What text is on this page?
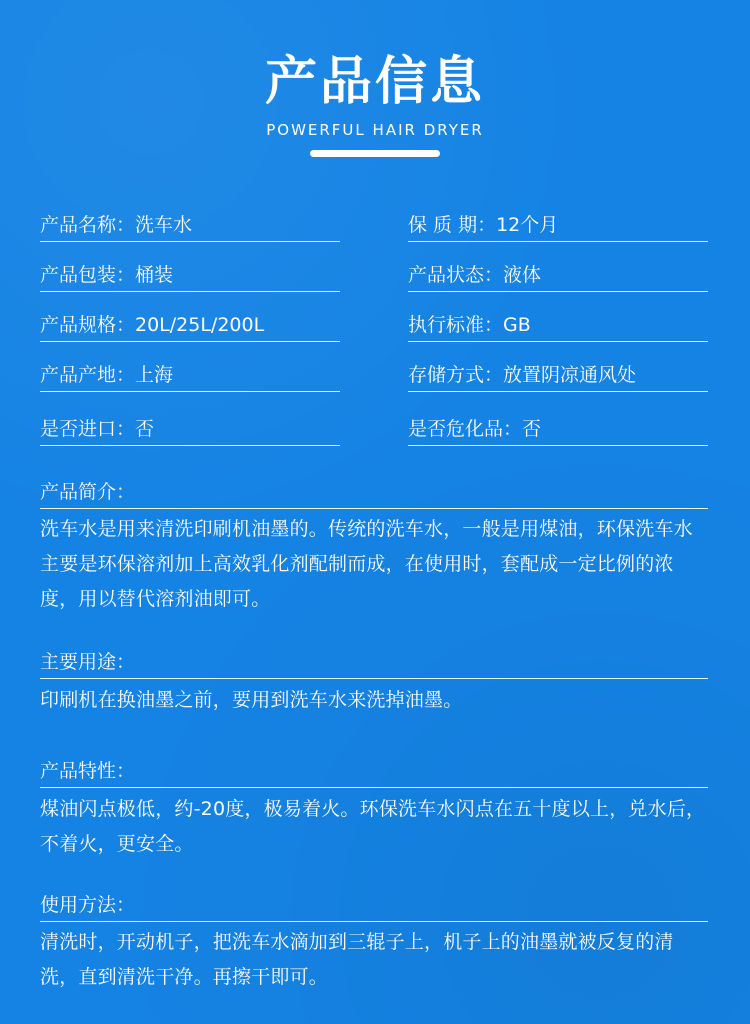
产品信息
POWERFUL HAIR DRYER
产品名称：洗车水	保 质 期：12个月
产品包装：桶装	产品状态：液体
产品规格：20L/25L/200L	执行标准：GB
产品产地：上海	存储方式：放置阴凉通风处
是否进口：否	是否危化品：否
产品简介：
洗车水是用来清洗印刷机油墨的。传统的洗车水，一般是用煤油，环保洗车水主要是环保溶剂加上高效乳化剂配制而成，在使用时，套配成一定比例的浓度，用以替代溶剂油即可。
主要用途：
印刷机在换油墨之前，要用到洗车水来洗掉油墨。
产品特性：
煤油闪点极低，约-20度，极易着火。环保洗车水闪点在五十度以上，兑水后，不着火，更安全。
使用方法：
清洗时，开动机子，把洗车水滴加到三辊子上，机子上的油墨就被反复的清洗，直到清洗干净。再擦干即可。
